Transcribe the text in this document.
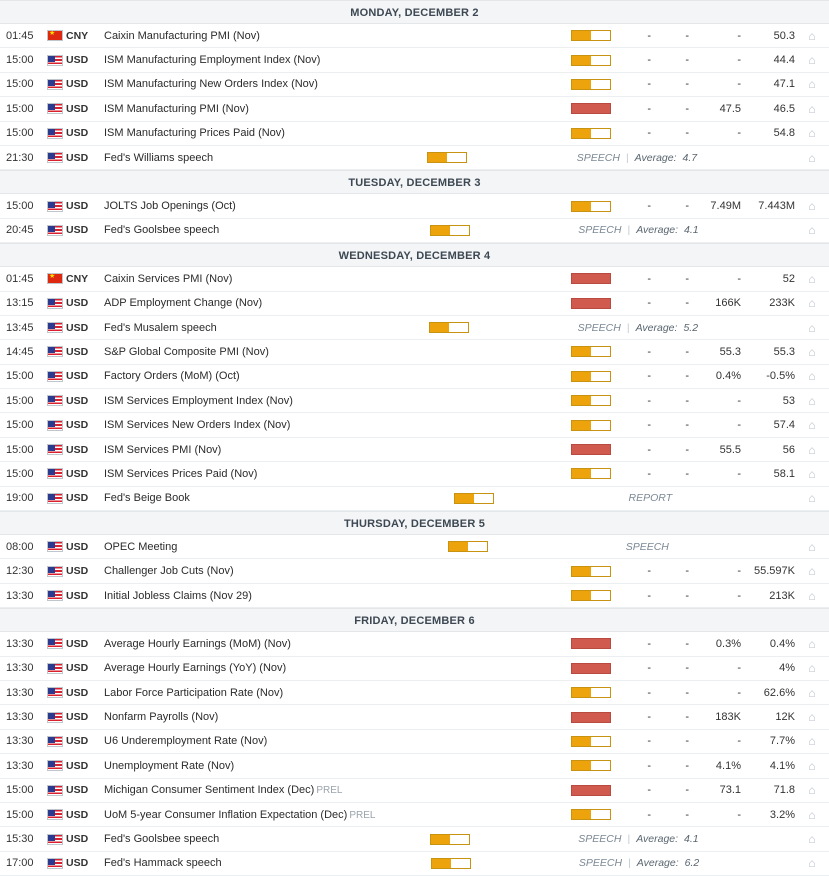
MONDAY, DECEMBER 2
01:45 ★	CNY	Caixin Manufacturing PMI (Nov)	-	-	-	50.3	⌂
15:00	USD	ISM Manufacturing Employment Index (Nov)	-	-	-	44.4	⌂
15:00	USD	ISM Manufacturing New Orders Index (Nov)	-	-	-	47.1	⌂
15:00	USD	ISM Manufacturing PMI (Nov)	-	-	47.5	46.5	⌂
15:00	USD	ISM Manufacturing Prices Paid (Nov)	-	-	-	54.8	⌂
21:30	USD	Fed's Williams speech	SPEECH | Average: 4.7	⌂
TUESDAY, DECEMBER 3
15:00	USD	JOLTS Job Openings (Oct)	-	-	7.49M	7.443M	⌂
20:45	USD	Fed's Goolsbee speech	SPEECH | Average: 4.1	⌂
WEDNESDAY, DECEMBER 4
01:45 ★	CNY	Caixin Services PMI (Nov)	-	-	-	52	⌂
13:15	USD	ADP Employment Change (Nov)	-	-	166K	233K	⌂
13:45	USD	Fed's Musalem speech	SPEECH | Average: 5.2	⌂
14:45	USD	S&P Global Composite PMI (Nov)	-	-	55.3	55.3	⌂
15:00	USD	Factory Orders (MoM) (Oct)	-	-	0.4%	-0.5%	⌂
15:00	USD	ISM Services Employment Index (Nov)	-	-	-	53	⌂
15:00	USD	ISM Services New Orders Index (Nov)	-	-	-	57.4	⌂
15:00	USD	ISM Services PMI (Nov)	-	-	55.5	56	⌂
15:00	USD	ISM Services Prices Paid (Nov)	-	-	-	58.1	⌂
19:00	USD	Fed's Beige Book	REPORT	⌂
THURSDAY, DECEMBER 5
08:00	USD	OPEC Meeting	SPEECH	⌂
12:30	USD	Challenger Job Cuts (Nov)	-	-	-	55.597K	⌂
13:30	USD	Initial Jobless Claims (Nov 29)	-	-	-	213K	⌂
FRIDAY, DECEMBER 6
13:30	USD	Average Hourly Earnings (MoM) (Nov)	-	-	0.3%	0.4%	⌂
13:30	USD	Average Hourly Earnings (YoY) (Nov)	-	-	-	4%	⌂
13:30	USD	Labor Force Participation Rate (Nov)	-	-	-	62.6%	⌂
13:30	USD	Nonfarm Payrolls (Nov)	-	-	183K	12K	⌂
13:30	USD	U6 Underemployment Rate (Nov)	-	-	-	7.7%	⌂
13:30	USD	Unemployment Rate (Nov)	-	-	4.1%	4.1%	⌂
15:00	USD	Michigan Consumer Sentiment Index (Dec) PREL	-	-	73.1	71.8	⌂
15:00	USD	UoM 5-year Consumer Inflation Expectation (Dec) PREL	-	-	-	3.2%	⌂
15:30	USD	Fed's Goolsbee speech	SPEECH | Average: 4.1	⌂
17:00	USD	Fed's Hammack speech	SPEECH | Average: 6.2	⌂
